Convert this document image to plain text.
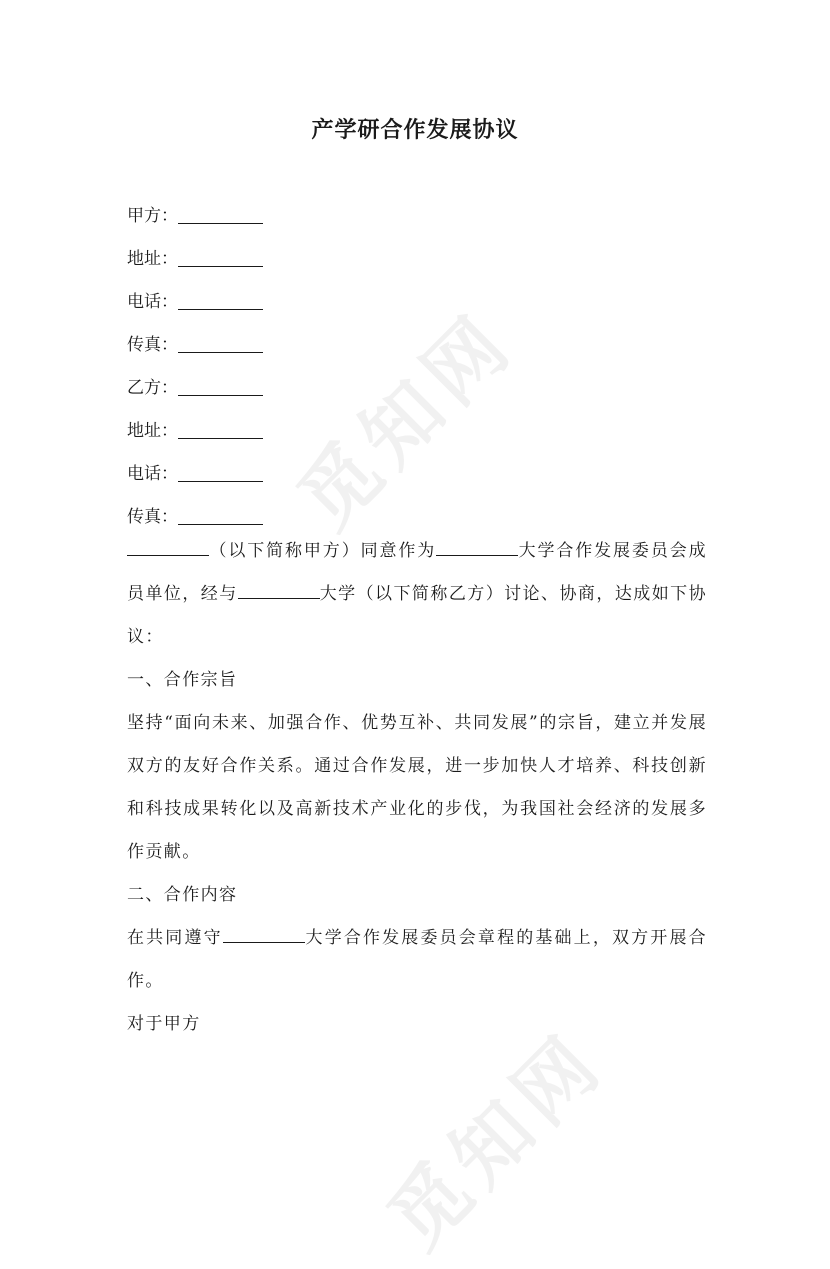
觅知网
觅知网
产学研合作发展协议
甲方：
地址：
电话：
传真：
乙方：
地址：
电话：
传真：

（以下简称甲方）同意作为	大学合作发展委员会成员单位，经与	大学（以下简称乙方）讨论、协商，达成如下协议：

一、合作宗旨

坚持“面向未来、加强合作、优势互补、共同发展”的宗旨，建立并发展双方的友好合作关系。通过合作发展，进一步加快人才培养、科技创新和科技成果转化以及高新技术产业化的步伐，为我国社会经济的发展多作贡献。

二、合作内容

在共同遵守	大学合作发展委员会章程的基础上，双方开展合作。

对于甲方
